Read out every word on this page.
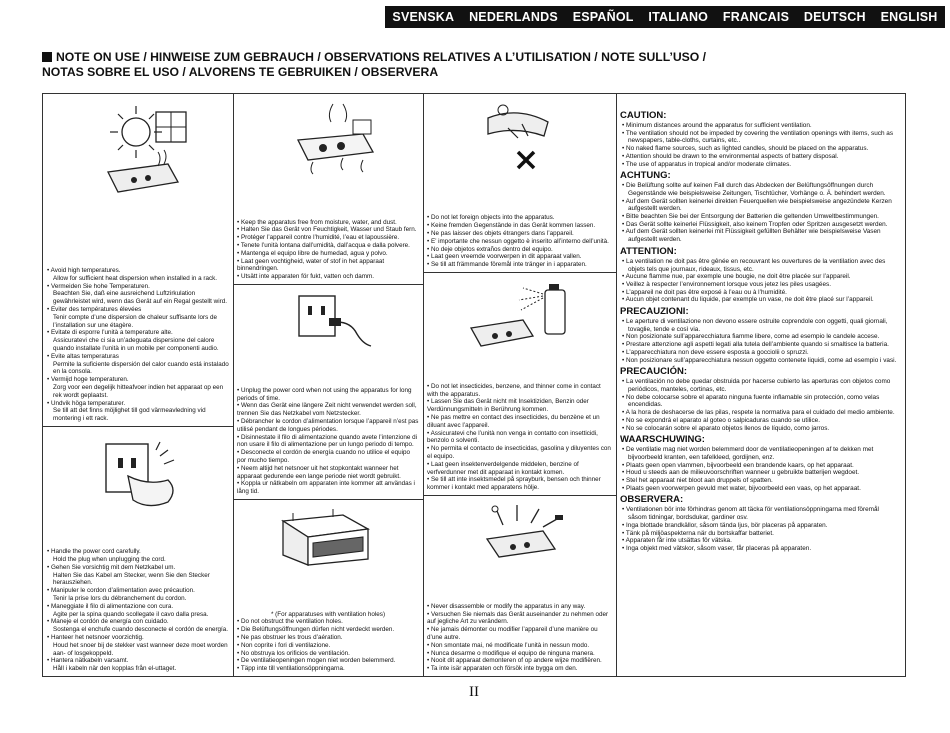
SVENSKA NEDERLANDS ESPAÑOL ITALIANO FRANCAIS DEUTSCH ENGLISH
NOTE ON USE / HINWEISE ZUM GEBRAUCH / OBSERVATIONS RELATIVES A L’UTILISATION / NOTE SULL’USO /
NOTAS SOBRE EL USO / ALVORENS TE GEBRUIKEN / OBSERVERA
• Avoid high temperatures.
Allow for sufficient heat dispersion when installed in a rack.
• Vermeiden Sie hohe Temperaturen.
Beachten Sie, daß eine ausreichend Luftzirkulation gewährleistet wird, wenn das Gerät auf ein Regal gestellt wird.
• Eviter des températures élevées
Tenir compte d’une dispersion de chaleur suffisante lors de l’installation sur une étagère.
• Evitate di esporre l’unità a temperature alte.
Assicuratevi che ci sia un’adeguata dispersione del calore quando installate l’unità in un mobile per componenti audio.
• Evite altas temperaturas
Permite la suficiente dispersión del calor cuando está instalado en la consola.
• Vermijd hoge temperaturen.
Zorg voor een degelijk hitteafvoer indien het apparaat op een rek wordt geplaatst.
• Undvik höga temperaturer.
Se till att det finns möjlighet till god värmeavledning vid montering i ett rack.
• Handle the power cord carefully.
Hold the plug when unplugging the cord.
• Gehen Sie vorsichtig mit dem Netzkabel um.
Halten Sie das Kabel am Stecker, wenn Sie den Stecker herausziehen.
• Manipuler le cordon d’alimentation avec précaution.
Tenir la prise lors du débranchement du cordon.
• Maneggiate il filo di alimentazione con cura.
Agite per la spina quando scollegate il cavo dalla presa.
• Maneje el cordón de energía con cuidado.
Sostenga el enchufe cuando desconecte el cordón de energía.
• Hanteer het netsnoer voorzichtig.
Houd het snoer bij de stekker vast wanneer deze moet worden aan- of losgekoppeld.
• Hantera nätkabeln varsamt.
Håll i kabeln när den kopplas från el-uttaget.
• Keep the apparatus free from moisture, water, and dust.
• Halten Sie das Gerät von Feuchtigkeit, Wasser und Staub fern.
• Protéger l’appareil contre l’humidité, l’eau et lapoussière.
• Tenete l’unità lontana dall’umidità, dall’acqua e dalla polvere.
• Mantenga el equipo libre de humedad, agua y polvo.
• Laat geen vochtigheid, water of stof in het apparaat binnendringen.
• Utsätt inte apparaten för fukt, vatten och damm.
• Unplug the power cord when not using the apparatus for long periods of time.
• Wenn das Gerät eine längere Zeit nicht verwendet werden soll, trennen Sie das Netzkabel vom Netzstecker.
• Débrancher le cordon d’alimentation lorsque l’appareil n’est pas utilisé pendant de longues périodes.
• Disinnestate il filo di alimentazione quando avete l’intenzione di non usare il filo di alimentazione per un lungo periodo di tempo.
• Desconecte el cordón de energía cuando no utilice el equipo por mucho tiempo.
• Neem altijd het netsnoer uit het stopkontakt wanneer het apparaat gedurende een lange periode niet wordt gebruikt.
• Koppla ur nätkabeln om apparaten inte kommer att användas i lång tid.
* (For apparatuses with ventilation holes)
• Do not obstruct the ventilation holes.
• Die Belüftungsöffnungen dürfen nicht verdeckt werden.
• Ne pas obstruer les trous d’aération.
• Non coprite i fori di ventilazione.
• No obstruya los orificios de ventilación.
• De ventilatieopeningen mogen niet worden belemmerd.
• Täpp inte till ventilationsöppningarna.
• Do not let foreign objects into the apparatus.
• Keine fremden Gegenstände in das Gerät kommen lassen.
• Ne pas laisser des objets étrangers dans l’appareil.
• E’ importante che nessun oggetto è inserito all’interno dell’unità.
• No deje objetos extraños dentro del equipo.
• Laat geen vreemde voorwerpen in dit apparaat vallen.
• Se till att främmande föremål inte tränger in i apparaten.
• Do not let insecticides, benzene, and thinner come in contact with the apparatus.
• Lassen Sie das Gerät nicht mit Insektiziden, Benzin oder Verdünnungsmitteln in Berührung kommen.
• Ne pas mettre en contact des insecticides, du benzène et un diluant avec l’appareil.
• Assicuratevi che l’unità non venga in contatto con insetticidi, benzolo o solventi.
• No permita el contacto de insecticidas, gasolina y diluyentes con el equipo.
• Laat geen insektenverdelgende middelen, benzine of verfverdunner met dit apparaat in kontakt komen.
• Se till att inte insektsmedel på sprayburk, bensen och thinner kommer i kontakt med apparatens hölje.
• Never disassemble or modify the apparatus in any way.
• Versuchen Sie niemals das Gerät auseinander zu nehmen oder auf jegliche Art zu verändern.
• Ne jamais démonter ou modifier l’appareil d’une manière ou d’une autre.
• Non smontate mai, né modificate l’unità in nessun modo.
• Nunca desarme o modifique el equipo de ninguna manera.
• Nooit dit apparaat demonteren of op andere wijze modifiëren.
• Ta inte isär apparaten och försök inte bygga om den.
CAUTION:
• Minimum distances around the apparatus for sufficient ventilation.
• The ventilation should not be impeded by covering the ventilation openings with items, such as newspapers, table-cloths, curtains, etc..
• No naked flame sources, such as lighted candles, should be placed on the apparatus.
• Attention should be drawn to the environmental aspects of battery disposal.
• The use of apparatus in tropical and/or moderate climates.
ACHTUNG:
• Die Belüftung sollte auf keinen Fall durch das Abdecken der Belüftungsöffnungen durch Gegenstände wie beispielsweise Zeitungen, Tischtücher, Vorhänge o. Ä. behindert werden.
• Auf dem Gerät sollten keinerlei direkten Feuerquellen wie beispielsweise angezündete Kerzen aufgestellt werden.
• Bitte beachten Sie bei der Entsorgung der Batterien die geltenden Umweltbestimmungen.
• Das Gerät sollte keinerlei Flüssigkeit, also keinem Tropfen oder Spritzen ausgesetzt werden.
• Auf dem Gerät sollten keinerlei mit Flüssigkeit gefüllten Behälter wie beispielsweise Vasen aufgestellt werden.
ATTENTION:
• La ventilation ne doit pas être gênée en recouvrant les ouvertures de la ventilation avec des objets tels que journaux, rideaux, tissus, etc.
• Aucune flamme nue, par exemple une bougie, ne doit être placée sur l’appareil.
• Veillez à respecter l’environnement lorsque vous jetez les piles usagées.
• L’appareil ne doit pas être exposé à l’eau ou à l’humidité.
• Aucun objet contenant du liquide, par exemple un vase, ne doit être placé sur l’appareil.
PRECAUZIONI:
• Le aperture di ventilazione non devono essere ostruite coprendole con oggetti, quali giornali, tovaglie, tende e così via.
• Non posizionate sull’apparecchiatura fiamme libere, come ad esempio le candele accese.
• Prestare attenzione agli aspetti legati alla tutela dell’ambiente quando si smaltisce la batteria.
• L’apparecchiatura non deve essere esposta a gocciolii o spruzzi.
• Non posizionare sull’apparecchiatura nessun oggetto contenete liquidi, come ad esempio i vasi.
PRECAUCIÓN:
• La ventilación no debe quedar obstruida por hacerse cubierto las aperturas con objetos como periódicos, manteles, cortinas, etc.
• No debe colocarse sobre el aparato ninguna fuente inflamable sin protección, como velas encendidas.
• A la hora de deshacerse de las pilas, respete la normativa para el cuidado del medio ambiente.
• No se expondrá el aparato al goteo o salpicaduras cuando se utilice.
• No se colocarán sobre el aparato objetos llenos de líquido, como jarros.
WAARSCHUWING:
• De ventilatie mag niet worden belemmerd door de ventilatieopeningen af te dekken met bijvoorbeeld kranten, een tafelkleed, gordijnen, enz.
• Plaats geen open vlammen, bijvoorbeeld een brandende kaars, op het apparaat.
• Houd u steeds aan de milieuvoorschriften wanneer u gebruikte batterijen wegdoet.
• Stel het apparaat niet bloot aan druppels of spatten.
• Plaats geen voorwerpen gevuld met water, bijvoorbeeld een vaas, op het apparaat.
OBSERVERA:
• Ventilationen bör inte förhindras genom att täcka för ventilationsöppningarna med föremål såsom tidningar, bordsdukar, gardiner osv.
• Inga blottade brandkällor, såsom tända ljus, bör placeras på apparaten.
• Tänk på miljöaspekterna när du bortskaffar batteriet.
• Apparaten får inte utsättas för vätska.
• Inga objekt med vätskor, såsom vaser, får placeras på apparaten.
II
